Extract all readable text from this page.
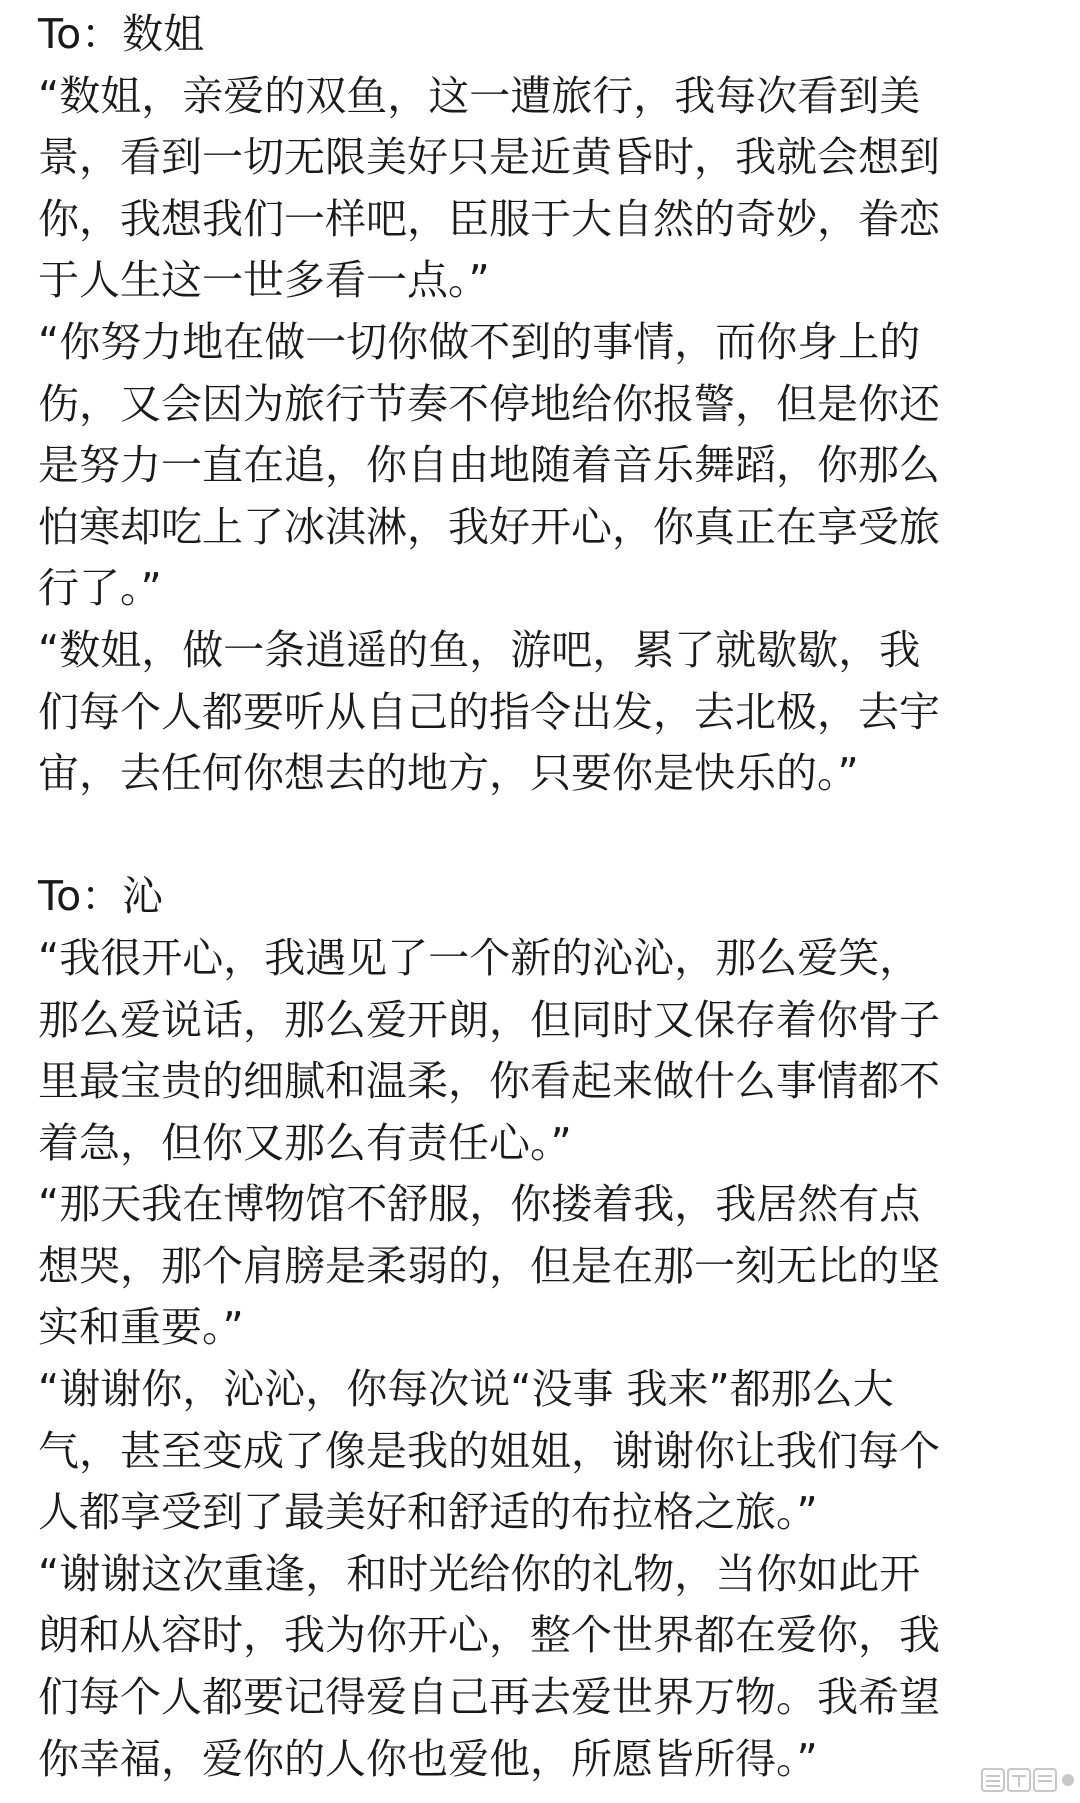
To：数姐
“数姐，亲爱的双鱼，这一遭旅行，我每次看到美
景，看到一切无限美好只是近黄昏时，我就会想到
你，我想我们一样吧，臣服于大自然的奇妙，眷恋
于人生这一世多看一点。”
“你努力地在做一切你做不到的事情，而你身上的
伤，又会因为旅行节奏不停地给你报警，但是你还
是努力一直在追，你自由地随着音乐舞蹈，你那么
怕寒却吃上了冰淇淋，我好开心，你真正在享受旅
行了。”
“数姐，做一条逍遥的鱼，游吧，累了就歇歇，我
们每个人都要听从自己的指令出发，去北极，去宇
宙，去任何你想去的地方，只要你是快乐的。”
To：沁
“我很开心，我遇见了一个新的沁沁，那么爱笑，
那么爱说话，那么爱开朗，但同时又保存着你骨子
里最宝贵的细腻和温柔，你看起来做什么事情都不
着急，但你又那么有责任心。”
“那天我在博物馆不舒服，你搂着我，我居然有点
想哭，那个肩膀是柔弱的，但是在那一刻无比的坚
实和重要。”
“谢谢你，沁沁，你每次说“没事 我来”都那么大
气，甚至变成了像是我的姐姐，谢谢你让我们每个
人都享受到了最美好和舒适的布拉格之旅。”
“谢谢这次重逢，和时光给你的礼物，当你如此开
朗和从容时，我为你开心，整个世界都在爱你，我
们每个人都要记得爱自己再去爱世界万物。我希望
你幸福，爱你的人你也爱他，所愿皆所得。”
